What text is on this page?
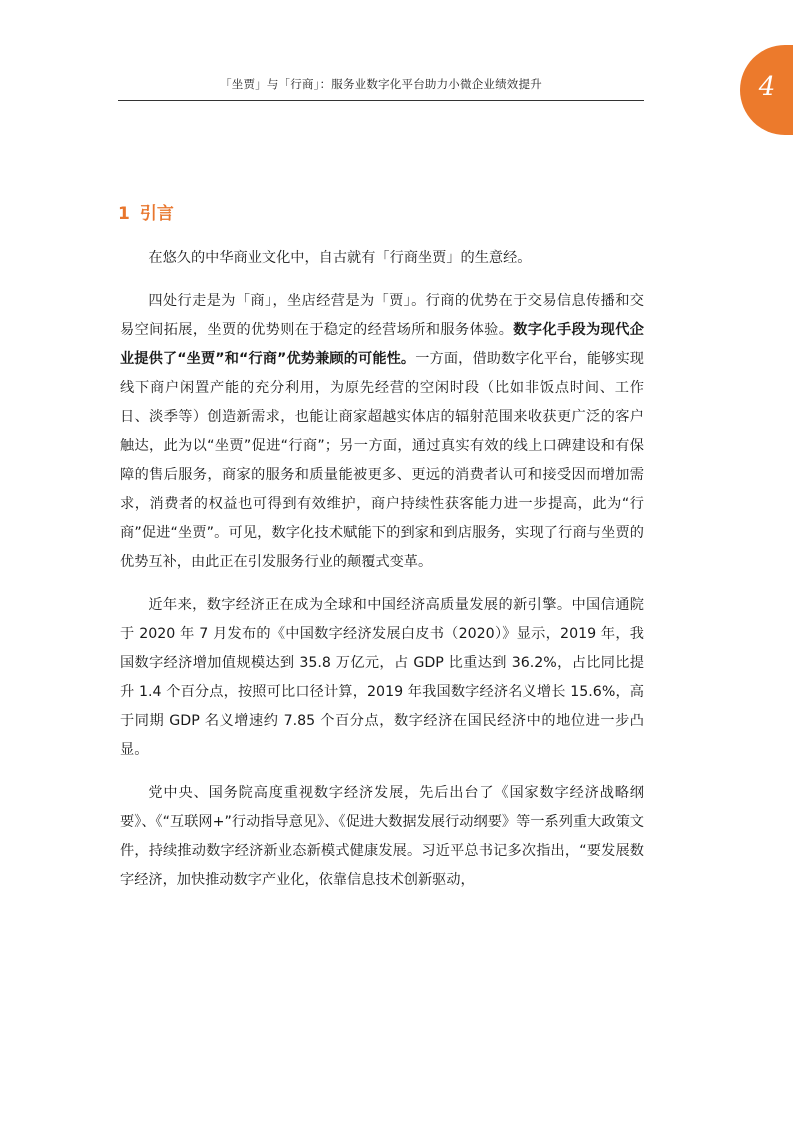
「坐贾」与「行商」：服务业数字化平台助力小微企业绩效提升	4
1 引言

在悠久的中华商业文化中，自古就有「行商坐贾」的生意经。

四处行走是为「商」，坐店经营是为「贾」。行商的优势在于交易信息传播和交易空间拓展，坐贾的优势则在于稳定的经营场所和服务体验。数字化手段为现代企业提供了“坐贾”和“行商”优势兼顾的可能性。一方面，借助数字化平台，能够实现线下商户闲置产能的充分利用，为原先经营的空闲时段（比如非饭点时间、工作日、淡季等）创造新需求，也能让商家超越实体店的辐射范围来收获更广泛的客户触达，此为以“坐贾”促进“行商”；另一方面，通过真实有效的线上口碑建设和有保障的售后服务，商家的服务和质量能被更多、更远的消费者认可和接受因而增加需求，消费者的权益也可得到有效维护，商户持续性获客能力进一步提高，此为“行商”促进“坐贾”。可见，数字化技术赋能下的到家和到店服务，实现了行商与坐贾的优势互补，由此正在引发服务行业的颠覆式变革。

近年来，数字经济正在成为全球和中国经济高质量发展的新引擎。中国信通院于 2020 年 7 月发布的《中国数字经济发展白皮书（2020）》显示，2019 年，我国数字经济增加值规模达到 35.8 万亿元，占 GDP 比重达到 36.2%，占比同比提升 1.4 个百分点，按照可比口径计算，2019 年我国数字经济名义增长 15.6%，高于同期 GDP 名义增速约 7.85 个百分点，数字经济在国民经济中的地位进一步凸显。

党中央、国务院高度重视数字经济发展，先后出台了《国家数字经济战略纲要》、《“互联网+”行动指导意见》、《促进大数据发展行动纲要》等一系列重大政策文件，持续推动数字经济新业态新模式健康发展。习近平总书记多次指出，“要发展数字经济，加快推动数字产业化，依靠信息技术创新驱动，
